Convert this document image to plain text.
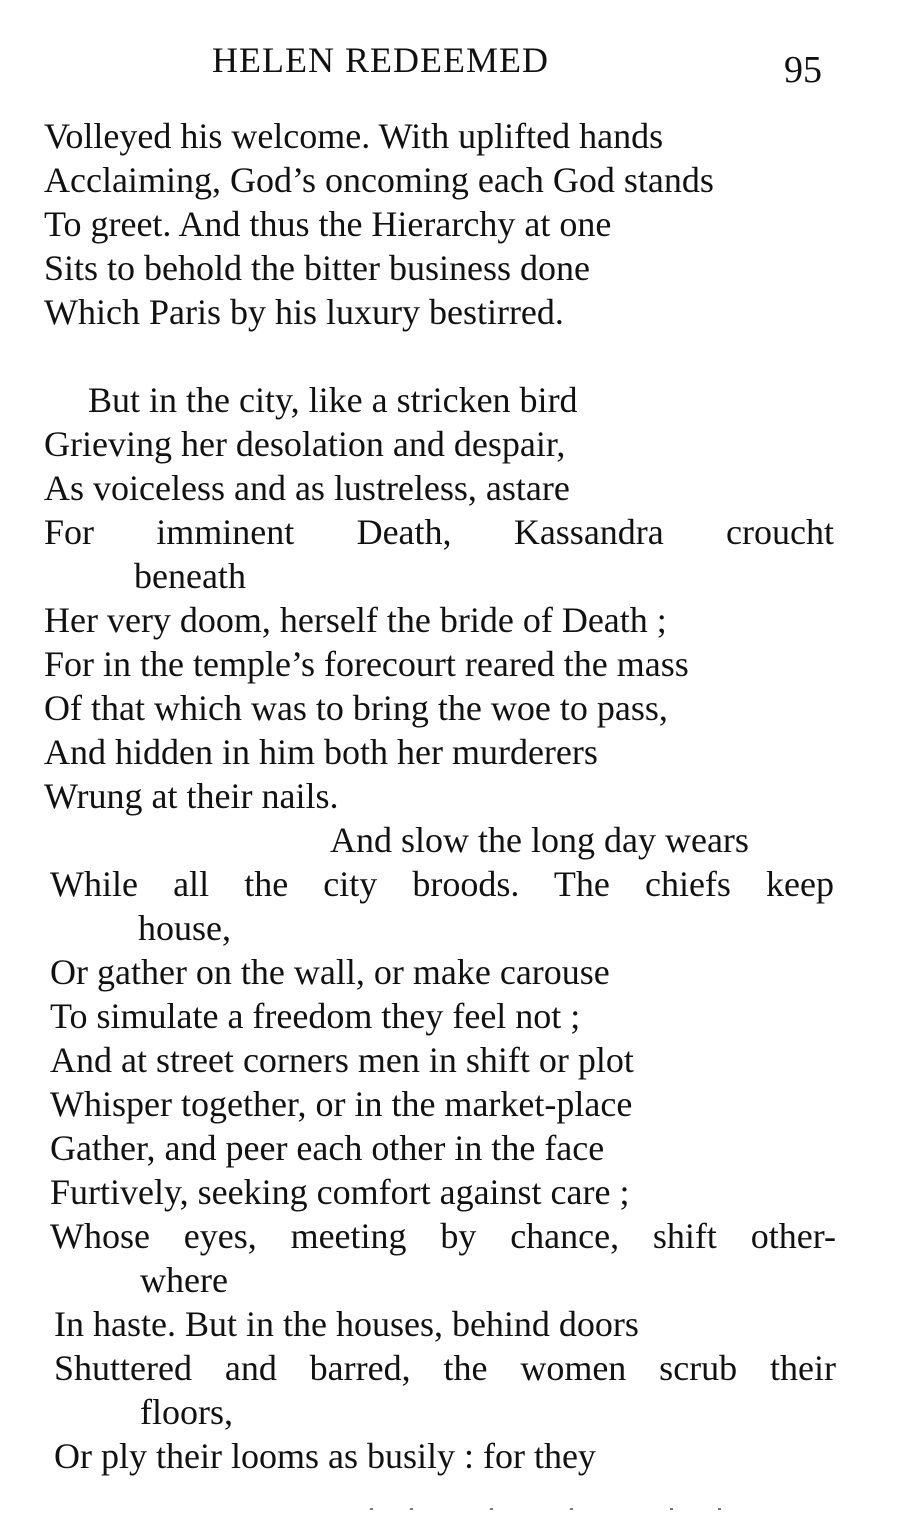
HELEN REDEEMED	95
Volleyed his welcome. With uplifted hands
Acclaiming, God’s oncoming each God stands
To greet. And thus the Hierarchy at one
Sits to behold the bitter business done
Which Paris by his luxury bestirred.
But in the city, like a stricken bird
Grieving her desolation and despair,
As voiceless and as lustreless, astare
For imminent Death, Kassandra croucht
beneath
Her very doom, herself the bride of Death ;
For in the temple’s forecourt reared the mass
Of that which was to bring the woe to pass,
And hidden in him both her murderers
Wrung at their nails.
And slow the long day wears
While all the city broods. The chiefs keep
house,
Or gather on the wall, or make carouse
To simulate a freedom they feel not ;
And at street corners men in shift or plot
Whisper together, or in the market-place
Gather, and peer each other in the face
Furtively, seeking comfort against care ;
Whose eyes, meeting by chance, shift other-
where
In haste. But in the houses, behind doors
Shuttered and barred, the women scrub their
floors,
Or ply their looms as busily : for they
